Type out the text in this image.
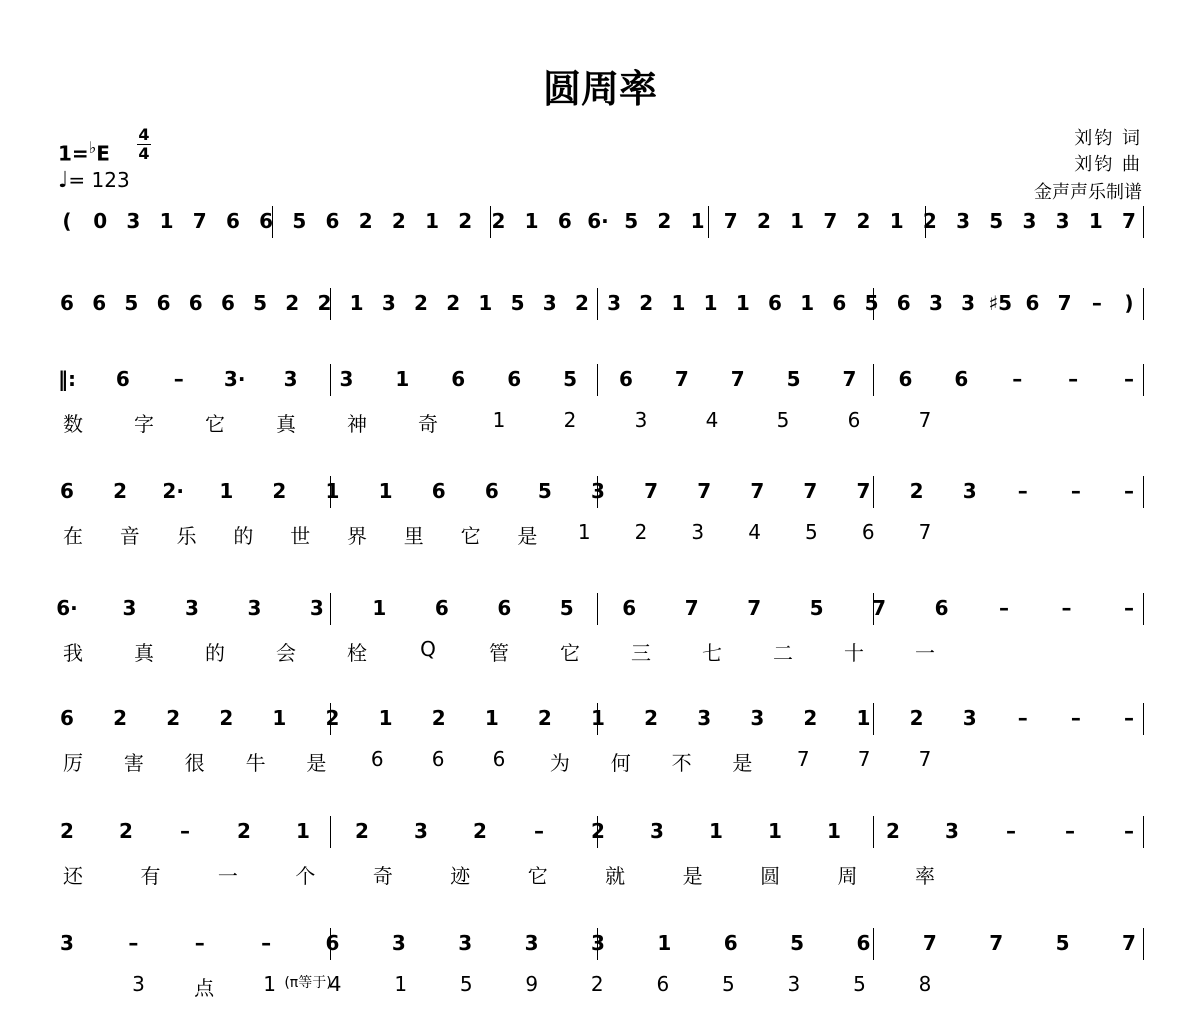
圆周率
1=♭E
4
4
♩= 123
刘钧 词
刘钧 曲
金声声乐制谱
(	0 3 1 7 6 6 5 6 2 2 1 2 2 1 6 6· 5 2 1 7 2 1 7 2 1 2 3 5 3 3 1 7
6 6 5 6 6 6 5 2 2 1 3 2 2 1 5 3 2 3 2 1 1 1 6 1 6 5 6 3 3 ♯5 6 7	–	)
‖:	6	–	3·	3	3	1	6	6	5	6	7	7	5	7	6	6	–	–	–
数	字	它	真	神	奇	1	2	3	4	5	6	7
6	2	2·	1	2	1	1	6	6	5	3	7	7	7	7	7	2	3	–	–	–
在 音 乐 的 世 界 里 它 是	1	2	3	4	5	6	7
6·	3	3	3	3	1	6	6	5	6	7	7	5	7	6	–	–	–
我	真	的	会	栓	Q	管	它	三	七	二	十	一
6	2	2	2	1	2	1	2	1	2	1	2	3	3	2	1	2	3	–	–	–
厉 害 很 牛 是	6	6	6	为 何 不 是	7	7	7
2	2	–	2	1	2	3	2	–	2	3	1	1	1	2	3	–	–	–
还	有	一	个	奇	迹	它	就	是	圆	周	率
3	–	–	–	6	3	3	3	3	1	6	5	6	7	7	5	7
(π等于)
3	点	1	4	1	5	9	2	6	5	3	5	8
